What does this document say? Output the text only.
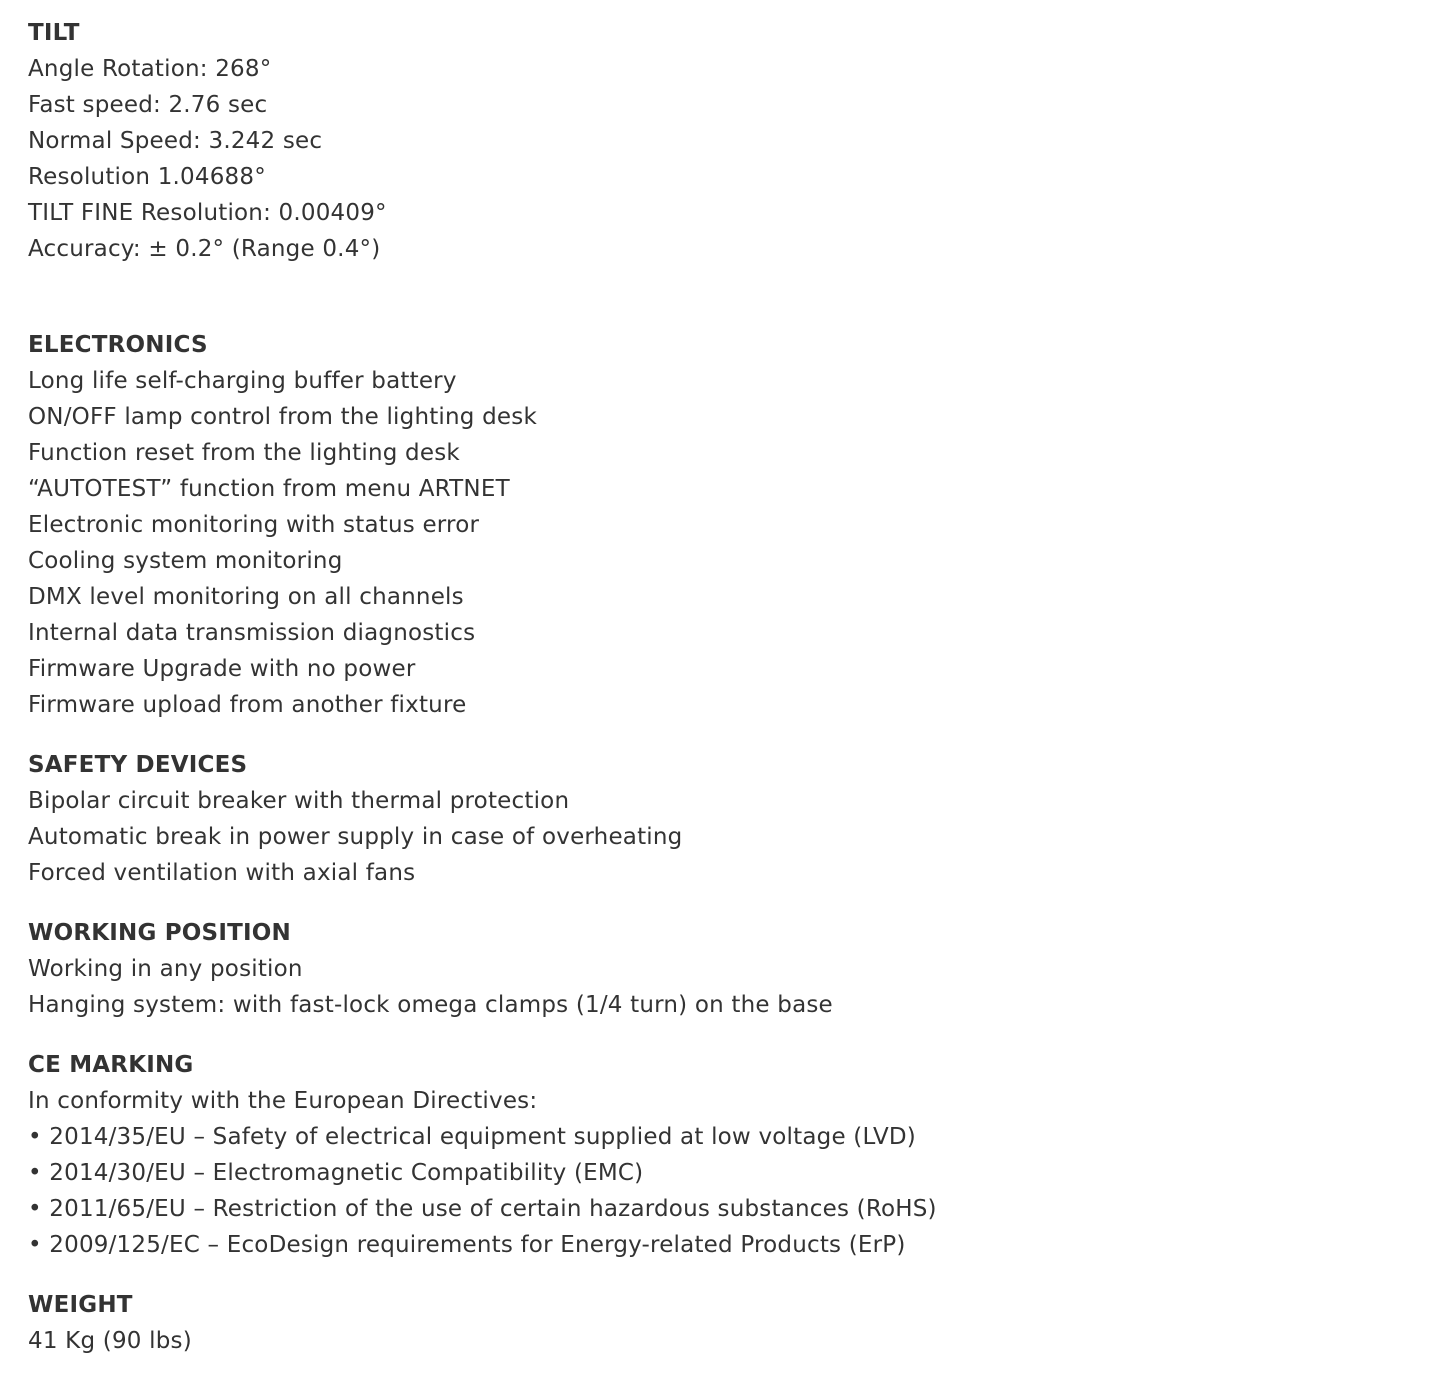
TILT
Angle Rotation: 268°
Fast speed: 2.76 sec
Normal Speed: 3.242 sec
Resolution 1.04688°
TILT FINE Resolution: 0.00409°
Accuracy: ± 0.2° (Range 0.4°)
ELECTRONICS
Long life self-charging buffer battery
ON/OFF lamp control from the lighting desk
Function reset from the lighting desk
“AUTOTEST” function from menu ARTNET
Electronic monitoring with status error
Cooling system monitoring
DMX level monitoring on all channels
Internal data transmission diagnostics
Firmware Upgrade with no power
Firmware upload from another fixture
SAFETY DEVICES
Bipolar circuit breaker with thermal protection
Automatic break in power supply in case of overheating
Forced ventilation with axial fans
WORKING POSITION
Working in any position
Hanging system: with fast-lock omega clamps (1/4 turn) on the base
CE MARKING
In conformity with the European Directives:
• 2014/35/EU – Safety of electrical equipment supplied at low voltage (LVD)
• 2014/30/EU – Electromagnetic Compatibility (EMC)
• 2011/65/EU – Restriction of the use of certain hazardous substances (RoHS)
• 2009/125/EC – EcoDesign requirements for Energy-related Products (ErP)
WEIGHT
41 Kg (90 lbs)
